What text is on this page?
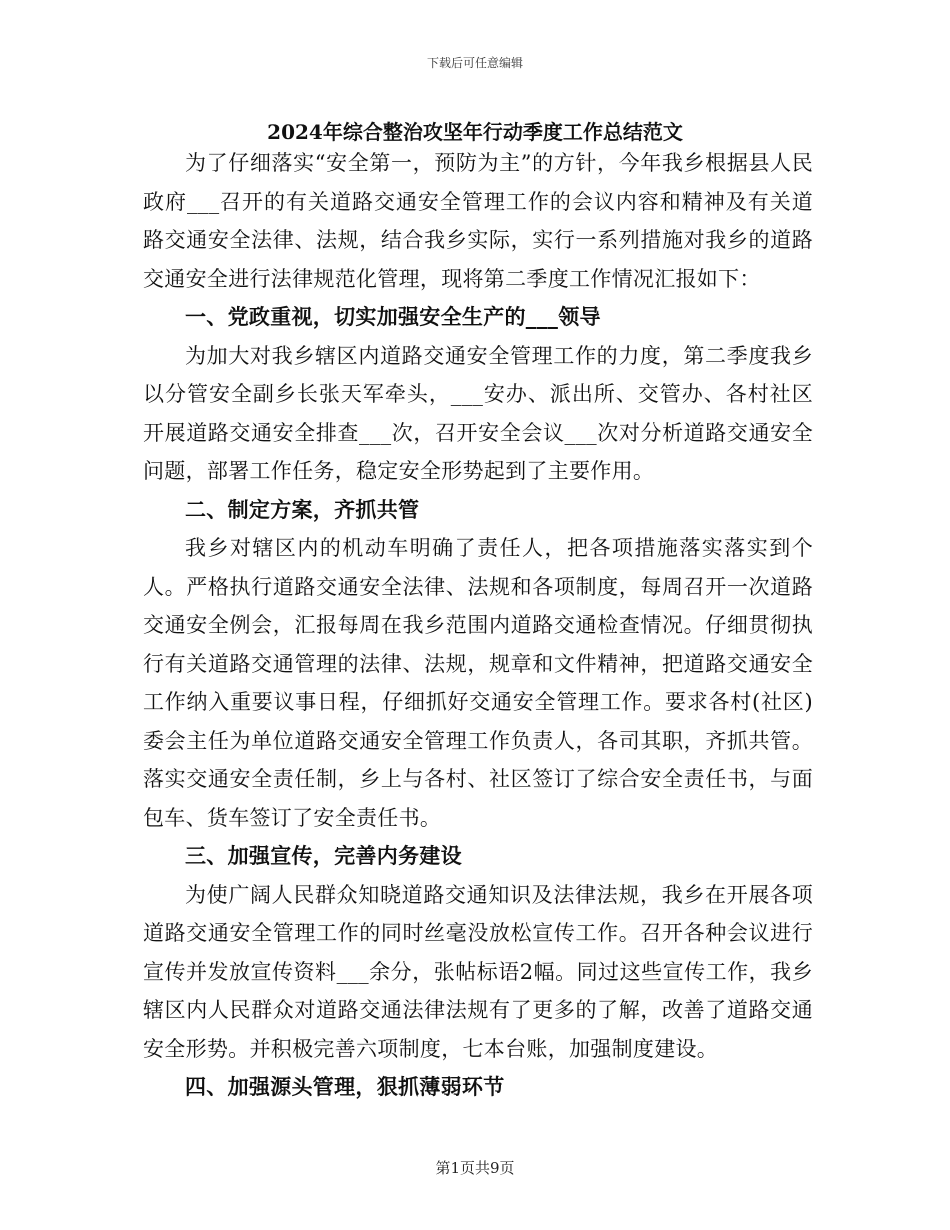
下载后可任意编辑
2024年综合整治攻坚年行动季度工作总结范文

为了仔细落实“安全第一，预防为主”的方针，今年我乡根据县人民政府___召开的有关道路交通安全管理工作的会议内容和精神及有关道路交通安全法律、法规，结合我乡实际，实行一系列措施对我乡的道路交通安全进行法律规范化管理，现将第二季度工作情况汇报如下：

一、党政重视，切实加强安全生产的___领导

为加大对我乡辖区内道路交通安全管理工作的力度，第二季度我乡以分管安全副乡长张天军牵头，___安办、派出所、交管办、各村社区开展道路交通安全排查___次，召开安全会议___次对分析道路交通安全问题，部署工作任务，稳定安全形势起到了主要作用。

二、制定方案，齐抓共管

我乡对辖区内的机动车明确了责任人，把各项措施落实落实到个人。严格执行道路交通安全法律、法规和各项制度，每周召开一次道路交通安全例会，汇报每周在我乡范围内道路交通检查情况。仔细贯彻执行有关道路交通管理的法律、法规，规章和文件精神，把道路交通安全工作纳入重要议事日程，仔细抓好交通安全管理工作。要求各村(社区)委会主任为单位道路交通安全管理工作负责人，各司其职，齐抓共管。落实交通安全责任制，乡上与各村、社区签订了综合安全责任书，与面包车、货车签订了安全责任书。

三、加强宣传，完善内务建设

为使广阔人民群众知晓道路交通知识及法律法规，我乡在开展各项道路交通安全管理工作的同时丝毫没放松宣传工作。召开各种会议进行宣传并发放宣传资料___余分，张帖标语2幅。同过这些宣传工作，我乡辖区内人民群众对道路交通法律法规有了更多的了解，改善了道路交通安全形势。并积极完善六项制度，七本台账，加强制度建设。

四、加强源头管理，狠抓薄弱环节

第1页共9页
